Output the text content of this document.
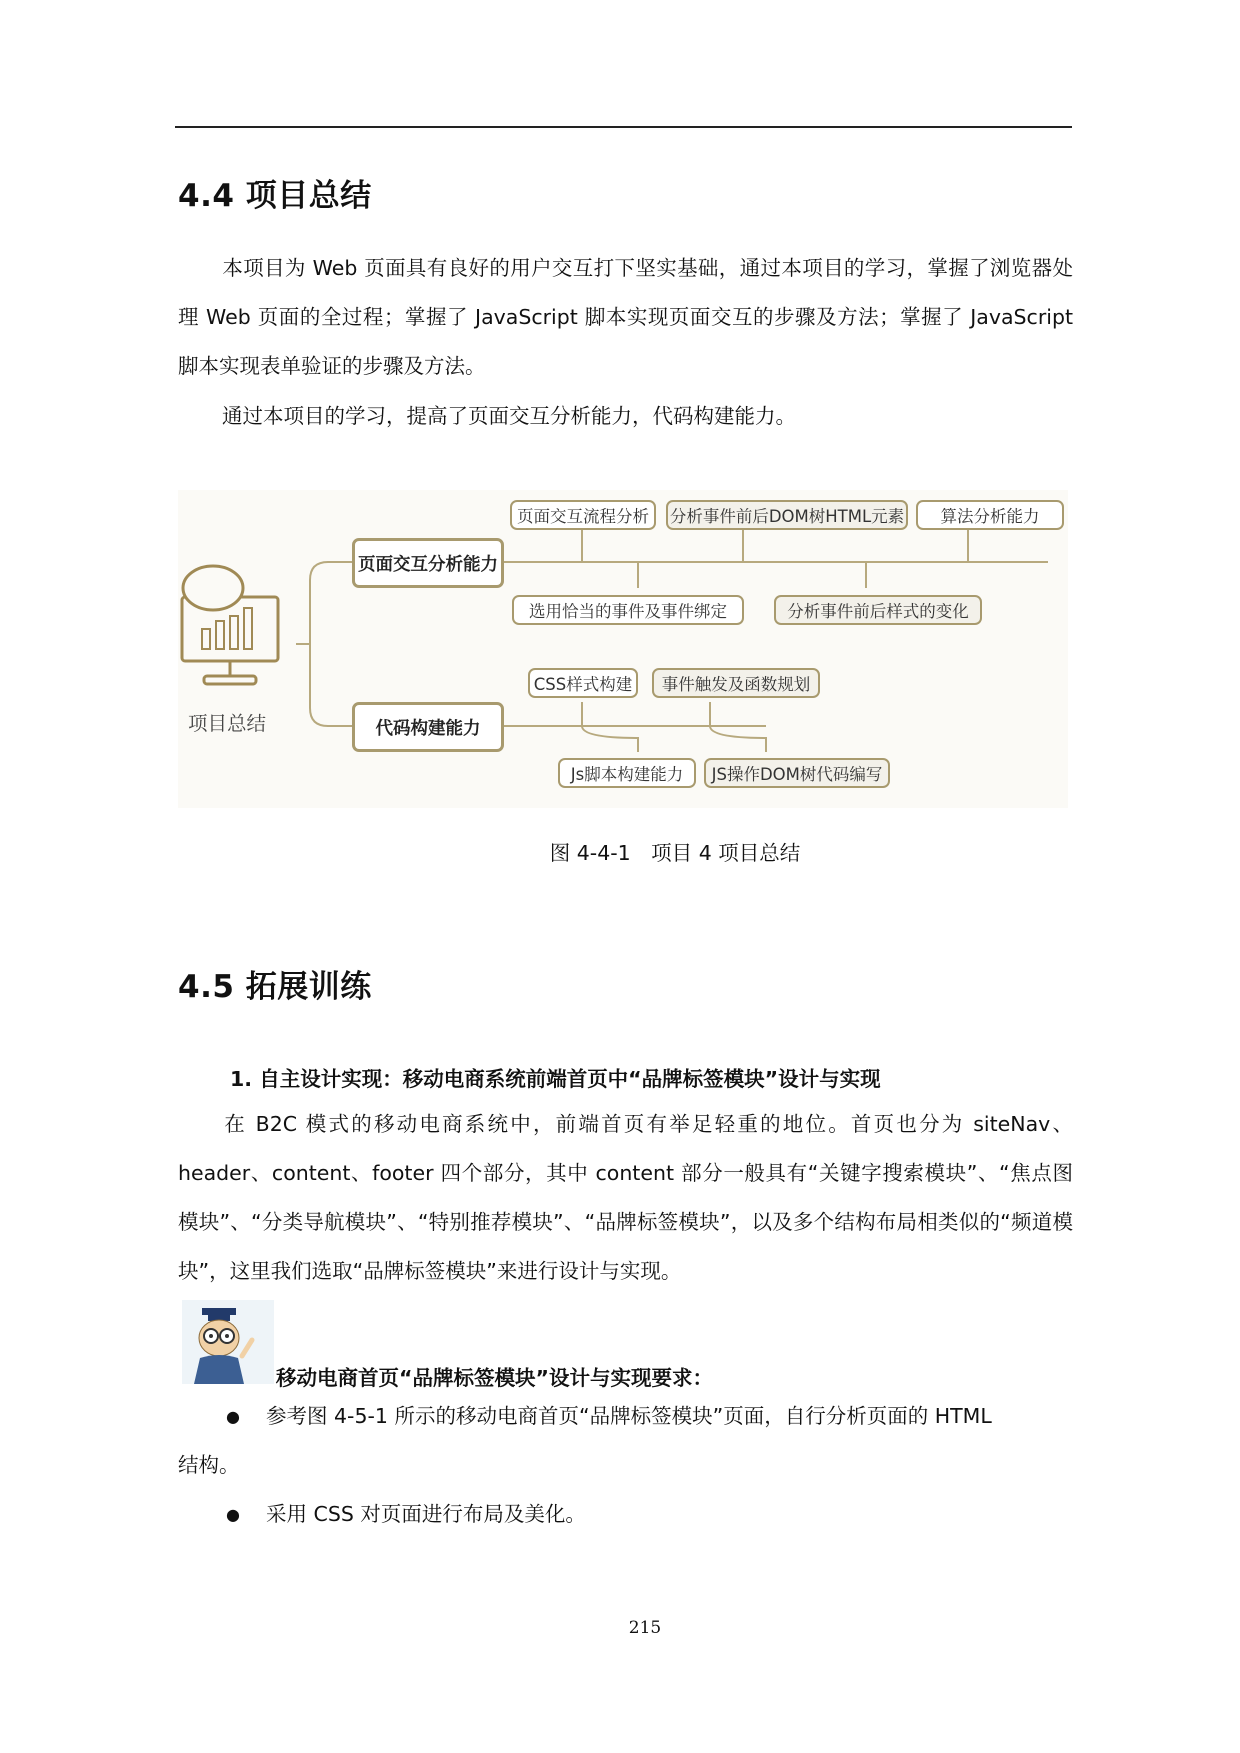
4.4 项目总结

本项目为 Web 页面具有良好的用户交互打下坚实基础，通过本项目的学习，掌握了浏览器处理 Web 页面的全过程；掌握了 JavaScript 脚本实现页面交互的步骤及方法；掌握了 JavaScript 脚本实现表单验证的步骤及方法。

通过本项目的学习，提高了页面交互分析能力，代码构建能力。

项目总结
页面交互分析能力
页面交互流程分析	分析事件前后DOM树HTML元素	算法分析能力
选用恰当的事件及事件绑定	分析事件前后样式的变化
代码构建能力
CSS样式构建	事件触发及函数规划
Js脚本构建能力	JS操作DOM树代码编写
图 4-4-1　项目 4 项目总结
4.5 拓展训练
1. 自主设计实现：移动电商系统前端首页中“品牌标签模块”设计与实现

在 B2C 模式的移动电商系统中，前端首页有举足轻重的地位。首页也分为 siteNav、header、content、footer 四个部分，其中 content 部分一般具有“关键字搜索模块”、“焦点图模块”、“分类导航模块”、“特别推荐模块”、“品牌标签模块”，以及多个结构布局相类似的“频道模块”，这里我们选取“品牌标签模块”来进行设计与实现。

移动电商首页“品牌标签模块”设计与实现要求：
● 参考图 4-5-1 所示的移动电商首页“品牌标签模块”页面，自行分析页面的 HTML
结构。
● 采用 CSS 对页面进行布局及美化。
215
